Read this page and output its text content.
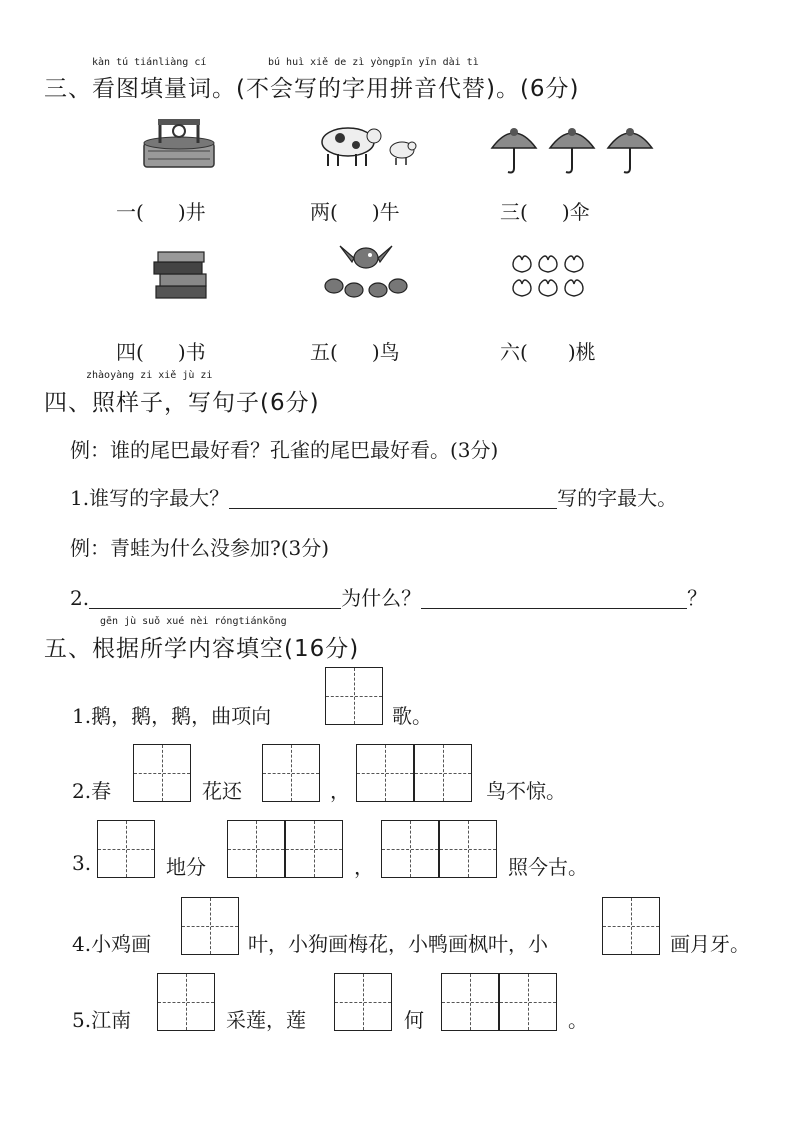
kàn tú tiánliàng cí	bú huì xiě de zì yòngpīn yīn dài tì
三、看图填量词。(不会写的字用拼音代替)。(6分)
一( )井	两( )牛	三( )伞
四( )书	五( )鸟	六( )桃
zhàoyàng zi xiě jù zi
四、照样子，写句子(6分)
例：谁的尾巴最好看？孔雀的尾巴最好看。(3分)
1.谁写的字最大？	写的字最大。
例：青蛙为什么没参加?(3分)
2.	为什么？	？
gēn jù suǒ xué nèi róngtiánkōng
五、根据所学内容填空(16分)
1.鹅，鹅，鹅，曲项向	歌。
2.春	花还	，	鸟不惊。
3.	地分	，	照今古。
4.小鸡画	叶，小狗画梅花，小鸭画枫叶，小	画月牙。
5.江南	采莲，莲	何	。
